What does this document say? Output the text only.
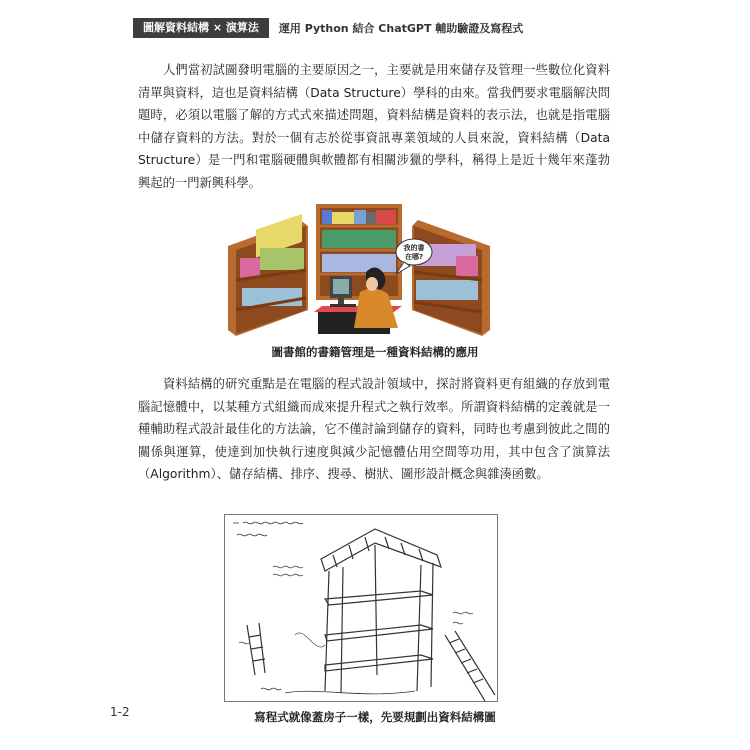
圖解資料結構 × 演算法	運用 Python 結合 ChatGPT 輔助驗證及寫程式

人們當初試圖發明電腦的主要原因之一，主要就是用來儲存及管理一些數位化資料清單與資料，這也是資料結構（Data Structure）學科的由來。當我們要求電腦解決問題時，必須以電腦了解的方式式來描述問題，資料結構是資料的表示法，也就是指電腦中儲存資料的方法。對於一個有志於從事資訊專業領域的人員來說，資料結構（Data Structure）是一門和電腦硬體與軟體都有相關涉獵的學科，稱得上是近十幾年來蓬勃興起的一門新興科學。

我的書
在哪?
圖書館的書籍管理是一種資料結構的應用

資料結構的研究重點是在電腦的程式設計領域中，探討將資料更有組織的存放到電腦記憶體中，以某種方式組織而成來提升程式之執行效率。所謂資料結構的定義就是一種輔助程式設計最佳化的方法論，它不僅討論到儲存的資料，同時也考慮到彼此之間的關係與運算，使達到加快執行速度與減少記憶體佔用空間等功用，其中包含了演算法（Algorithm）、儲存結構、排序、搜尋、樹狀、圖形設計概念與雜湊函數。

寫程式就像蓋房子一樣，先要規劃出資料結構圖
1-2
